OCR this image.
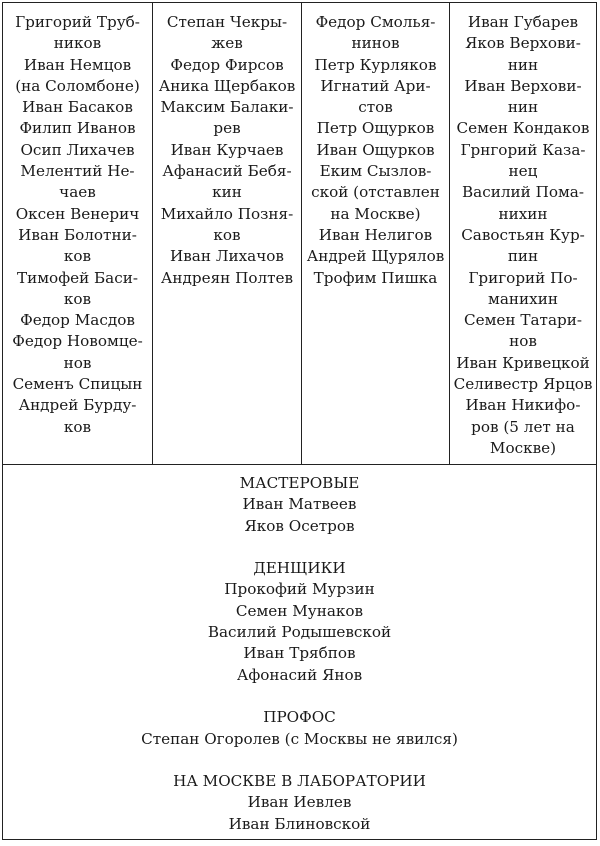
Григорий Труб-
ников
Иван Немцов
(на Соломбоне)
Иван Басаков
Филип Иванов
Осип Лихачев
Мелентий Не-
чаев
Оксен Венерич
Иван Болотни-
ков
Тимофей Баси-
ков
Федор Масдов
Федор Новомце-
нов
Семенъ Спицын
Андрей Бурду-
ков
Степан Чекры-
жев
Федор Фирсов
Аника Щербаков
Максим Балаки-
рев
Иван Курчаев
Афанасий Бебя-
кин
Михайло Позня-
ков
Иван Лихачов
Андреян Полтев
Федор Смолья-
нинов
Петр Курляков
Игнатий Ари-
стов
Петр Ощурков
Иван Ощурков
Еким Сызлов-
ской (отставлен
на Москве)
Иван Нелигов
Андрей Щурялов
Трофим Пишка
Иван Губарев
Яков Верхови-
нин
Иван Верхови-
нин
Семен Кондаков
Грнгорий Каза-
нец
Василий Пома-
нихин
Савостьян Кур-
пин
Григорий По-
манихин
Семен Татари-
нов
Иван Кривецкой
Селивестр Ярцов
Иван Никифо-
ров (5 лет на
Москве)
МАСТЕРОВЫЕ
Иван Матвеев
Яков Осетров
ДЕНЩИКИ
Прокофий Мурзин
Семен Мунаков
Василий Родышевской
Иван Трябпов
Афонасий Янов
ПРОФОС
Степан Огоролев (с Москвы не явился)
НА МОСКВЕ В ЛАБОРАТОРИИ
Иван Иевлев
Иван Блиновской
